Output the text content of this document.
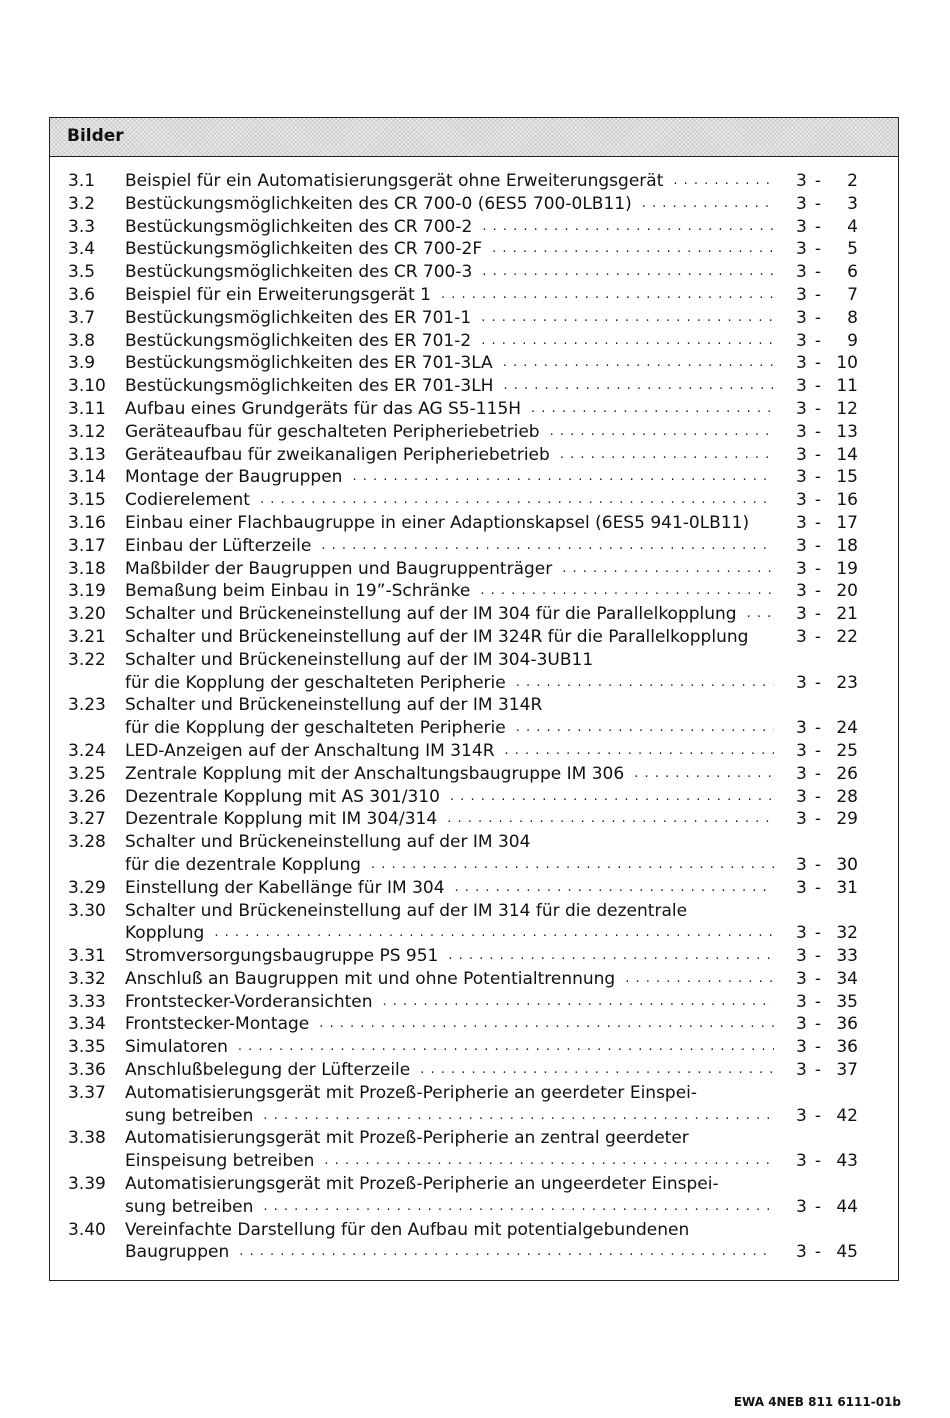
Bilder
3.1	Beispiel für ein Automatisierungsgerät ohne Erweiterungsgerät . . .	3 -	2
3.2	Bestückungsmöglichkeiten des CR 700-0 (6ES5 700-0LB11) . . .	3 -	3
3.3	Bestückungsmöglichkeiten des CR 700-2 . . .	3 -	4
3.4	Bestückungsmöglichkeiten des CR 700-2F . . .	3 -	5
3.5	Bestückungsmöglichkeiten des CR 700-3 . . .	3 -	6
3.6	Beispiel für ein Erweiterungsgerät 1 . . .	3 -	7
3.7	Bestückungsmöglichkeiten des ER 701-1 . . .	3 -	8
3.8	Bestückungsmöglichkeiten des ER 701-2 . . .	3 -	9
3.9	Bestückungsmöglichkeiten des ER 701-3LA . . .	3 - 10
3.10	Bestückungsmöglichkeiten des ER 701-3LH . . .	3 - 11
3.11	Aufbau eines Grundgeräts für das AG S5-115H . . .	3 - 12
3.12	Geräteaufbau für geschalteten Peripheriebetrieb . . .	3 - 13
3.13	Geräteaufbau für zweikanaligen Peripheriebetrieb . . .	3 - 14
3.14	Montage der Baugruppen . . .	3 - 15
3.15	Codierelement . . .	3 - 16
3.16	Einbau einer Flachbaugruppe in einer Adaptionskapsel (6ES5 941-0LB11)	3 - 17
3.17	Einbau der Lüfterzeile . . .	3 - 18
3.18	Maßbilder der Baugruppen und Baugruppenträger . . .	3 - 19
3.19	Bemaßung beim Einbau in 19”-Schränke . . .	3 - 20
3.20	Schalter und Brückeneinstellung auf der IM 304 für die Parallelkopplung . . .	3 - 21
3.21	Schalter und Brückeneinstellung auf der IM 324R für die Parallelkopplung	3 - 22
3.22	Schalter und Brückeneinstellung auf der IM 304-3UB11
für die Kopplung der geschalteten Peripherie . . .	3 - 23
3.23	Schalter und Brückeneinstellung auf der IM 314R
für die Kopplung der geschalteten Peripherie . . .	3 - 24
3.24	LED-Anzeigen auf der Anschaltung IM 314R . . .	3 - 25
3.25	Zentrale Kopplung mit der Anschaltungsbaugruppe IM 306 . . .	3 - 26
3.26	Dezentrale Kopplung mit AS 301/310 . . .	3 - 28
3.27	Dezentrale Kopplung mit IM 304/314 . . .	3 - 29
3.28	Schalter und Brückeneinstellung auf der IM 304
für die dezentrale Kopplung . . .	3 - 30
3.29	Einstellung der Kabellänge für IM 304 . . .	3 - 31
3.30	Schalter und Brückeneinstellung auf der IM 314 für die dezentrale
Kopplung . . .	3 - 32
3.31	Stromversorgungsbaugruppe PS 951 . . .	3 - 33
3.32	Anschluß an Baugruppen mit und ohne Potentialtrennung . . .	3 - 34
3.33	Frontstecker-Vorderansichten . . .	3 - 35
3.34	Frontstecker-Montage . . .	3 - 36
3.35	Simulatoren . . .	3 - 36
3.36	Anschlußbelegung der Lüfterzeile . . .	3 - 37
3.37	Automatisierungsgerät mit Prozeß-Peripherie an geerdeter Einspei-
sung betreiben . . .	3 - 42
3.38	Automatisierungsgerät mit Prozeß-Peripherie an zentral geerdeter
Einspeisung betreiben . . .	3 - 43
3.39	Automatisierungsgerät mit Prozeß-Peripherie an ungeerdeter Einspei-
sung betreiben . . .	3 - 44
3.40	Vereinfachte Darstellung für den Aufbau mit potentialgebundenen
Baugruppen . . .	3 - 45
EWA 4NEB 811 6111-01b
